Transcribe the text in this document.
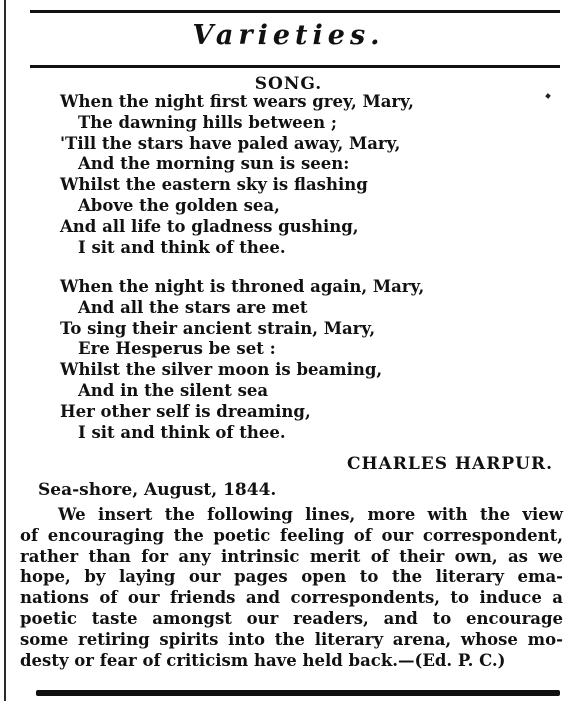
Varieties.
SONG.
When the night first wears grey, Mary,
The dawning hills between ;
'Till the stars have paled away, Mary,
And the morning sun is seen:
Whilst the eastern sky is flashing
Above the golden sea,
And all life to gladness gushing,
I sit and think of thee.
When the night is throned again, Mary,
And all the stars are met
To sing their ancient strain, Mary,
Ere Hesperus be set :
Whilst the silver moon is beaming,
And in the silent sea
Her other self is dreaming,
I sit and think of thee.
CHARLES HARPUR.
Sea-shore, August, 1844.
We insert the following lines, more with the view
of encouraging the poetic feeling of our correspondent,
rather than for any intrinsic merit of their own, as we
hope, by laying our pages open to the literary ema-
nations of our friends and correspondents, to induce a
poetic taste amongst our readers, and to encourage
some retiring spirits into the literary arena, whose mo-
desty or fear of criticism have held back.—(Ed. P. C.)
